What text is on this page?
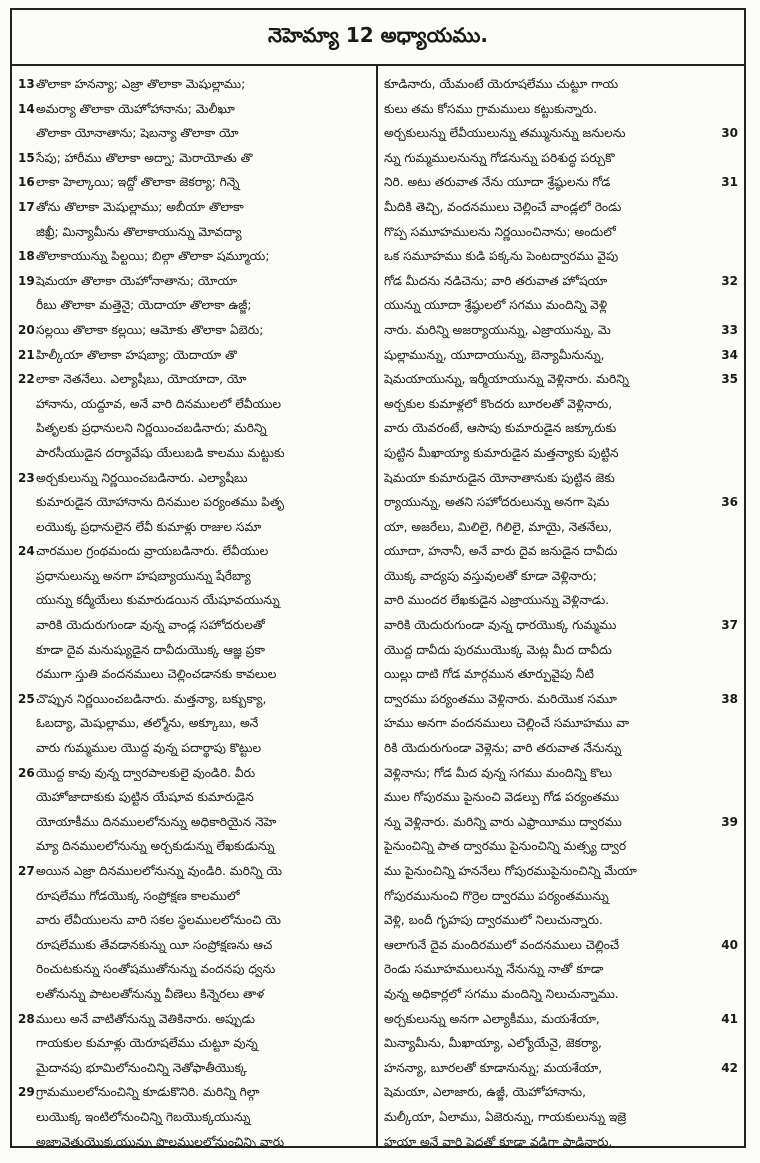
నెహెమ్యా 12 అధ్యాయము.
13 తొలాకా హనన్యా; ఎజ్రా తొలాకా మెషుల్లాము;
14 అమర్యా తొలాకా యెహోహానాను; మెలీఖూ
తొలాకా యోనాతాను; షెబన్యా తొలాకా యో
15 సేపు; హారీము తొలాకా అద్నా; మెరాయోతు తొ
16 లాకా హెల్కాయి; ఇద్దో తొలాకా జెకర్యా; గిన్నె
17 తోను తొలాకా మెషుల్లాము; అబీయా తొలాకా
జిఖ్రీ; మిన్యామీను తొలాకాయున్ను మోవద్యా
18 తొలాకాయున్ను పిల్టయి; బిల్గా తొలాకా షమ్మూయ;
19 షెమయా తొలాకా యెహోనాతాను; యోయా
రీబు తొలాకా మత్తెనై; యెదాయా తొలాకా ఉజ్జీ;
20 సల్లయి తొలాకా కల్లయి; ఆమోకు తొలాకా ఏబెరు;
21 హిల్కీయా తొలాకా హషబ్యా; యెదాయా తొ
22 లాకా నెతనేలు. ఎల్యాషీబు, యోయాదా, యో
హానాను, యద్దూవ, అనే వారి దినములలో లేవీయుల
పితృలకు ప్రధానులని నిర్ణయించబడినారు; మరిన్ని
పారసీయుడైన దర్యావేషు యేలుబడి కాలము మట్టుకు
23 అర్చకులున్ను నిర్ణయించబడినారు. ఎల్యాషీబు
కుమారుడైన యోహానాను దినముల పర్యంతము పితృ
లయొక్క ప్రధానులైన లేవీ కుమాళ్లు రాజుల సమా
24 చారముల గ్రంథమందు వ్రాయబడినారు. లేవీయుల
ప్రధానులున్ను అనగా హషబ్యాయున్ను షేరేబ్యా
యున్ను కద్మీయేలు కుమారుడయిన యేషూవయున్ను
వారికి యెదురుగుండా వున్న వాండ్ల సహోదరులతో
కూడా దైవ మనుష్యుడైన దావీదుయొక్క ఆజ్ఞ ప్రకా
రముగా స్తుతి వందనములు చెల్లించడానకు కావలుల
25 చొప్పున నిర్ణయించబడినారు. మత్తన్యా, బక్బుక్యా,
ఓబద్యా, మెషుల్లాము, తల్మోను, అక్కూబు, అనే
వారు గుమ్మముల యొద్ద వున్న పదార్థాపు కొట్టుల
26 యొద్ద కావు వున్న ద్వారపాలకులై వుండిరి. వీరు
యెహోజాదాకుకు పుట్టిన యేషూవ కుమారుడైన
యోయాకీము దినములలోనున్ను అధికారియైన నెహె
మ్యా దినములలోనున్ను అర్చకుడున్ను లేఖకుడున్ను
27 అయిన ఎజ్రా దినములలోనున్ను వుండిరి. మరిన్ని యె
రూషలేము గోడయొక్క సంప్రోక్షణ కాలములో
వారు లేవీయులను వారి సకల స్థలములలోనుంచి యె
రూషలేముకు తేవడానకున్ను యీ సంప్రోక్షణను ఆచ
రించుటకున్ను సంతోషముతోనున్ను వందనపు ధ్వను
లతోనున్ను పాటలతోనున్ను వీణెలు కిన్నెరలు తాళ
28 ములు అనే వాటితోనున్ను వెతికినారు. అప్పుడు
గాయకుల కుమాళ్లు యెరూషలేము చుట్టూ వున్న
మైదానపు భూమిలోనుంచిన్ని నెతోఫాతీయొక్క
29 గ్రామములలోనుంచిన్ని కూడుకొనిరి. మరిన్ని గిల్గా
లుయొక్క ఇంటిలోనుంచిన్ని గెబయొక్కయున్ను
అజ్మావెతుయొక్కయున్ను పొలములలోనుంచిన్ని వారు
కూడినారు, యేమంటే యెరూషలేము చుట్టూ గాయ
కులు తమ కోసము గ్రామములు కట్టుకున్నారు.
30
అర్చకులున్ను లేవీయులున్ను తమ్మునున్ను జనులను
న్ను గుమ్మములనున్ను గోడనున్ను పరిశుద్ధ పర్చుకొ
31
నిరి. అటు తరువాత నేను యూదా శ్రేష్ఠులను గోడ
మీదికి తెచ్చి, వందనములు చెల్లించే వాండ్లలో రెండు
గొప్ప సమూహములను నిర్ణయించినాను; అందులో
ఒక సమూహము కుడి పక్కను పెంటద్వారము వైపు
32
గోడ మీదను నడిచెను; వారి తరువాత హోషయా
యున్ను యూదా శ్రేష్ఠులలో సగము మందిన్ని వెళ్లి
33
నారు. మరిన్ని అజర్యాయున్ను, ఎజ్రాయున్ను, మె
34
షుల్లామున్ను, యూదాయున్ను, బెన్యామీనున్ను,
35
షెమయాయున్ను, ఇర్మీయాయున్ను వెళ్లినారు. మరిన్ని
అర్చకుల కుమాళ్లలో కొందరు బూరలతో వెళ్లినారు,
వారు యెవరంటే, ఆసాపు కుమారుడైన జక్కూరుకు
పుట్టిన మీఖాయ్యా కుమారుడైన మత్తన్యాకు పుట్టిన
షెమయా కుమారుడైన యోనాతానుకు పుట్టిన జెకు
36
ర్యాయున్ను, అతని సహోదరులున్ను అనగా షెమ
యా, అజరేలు, మిలిలై, గిలిలై, మాయై, నెతనేలు,
యూదా, హనానీ, అనే వారు దైవ జనుడైన దావీదు
యొక్క వాద్యపు వస్తువులతో కూడా వెళ్లినారు;
వారి ముందర లేఖకుడైన ఎజ్రాయున్ను వెళ్లినాడు.
37
వారికి యెదురుగుండా వున్న ధారయొక్క గుమ్మము
యొద్ద దావీదు పురముయొక్క మెట్ల మీద దావీదు
యిల్లు దాటి గోడ మార్గమున తూర్పువైపు నీటి
38
ద్వారము పర్యంతము వెళ్లినారు. మరియొక సమూ
హము అనగా వందనములు చెల్లించే సమూహము వా
రికి యెదురుగుండా వెళ్లెను; వారి తరువాత నేనున్ను
వెళ్లినాను; గోడ మీద వున్న సగము మందిన్ని కొలు
ముల గోపురము పైనుంచి వెడల్పు గోడ పర్యంతము
39
న్ను వెళ్లినారు. మరిన్ని వారు ఎఫ్రాయీము ద్వారము
పైనుంచిన్ని పాత ద్వారము పైనుంచిన్ని మత్స్య ద్వార
ము పైనుంచిన్ని హననేలు గోపురముపైనుంచిన్ని మేయా
గోపురమునుంచి గొర్రెల ద్వారము పర్యంతమున్ను
వెళ్లి, బందీ గృహపు ద్వారములో నిలుచున్నారు.
40
ఆలాగునే దైవ మందిరములో వందనములు చెల్లించే
రెండు సమూహములున్ను నేనున్ను నాతో కూడా
వున్న అధికార్లలో సగము మందిన్ని నిలుచున్నాము.
41
అర్చకులున్ను అనగా ఎల్యాకీము, మయశేయా,
మిన్యామీను, మీఖాయ్యా, ఎల్యోయేనై, జెకర్యా,
42
హనన్యా, బూరలతో కూడానున్ను; మయశేయా,
షెమయా, ఎలాజారు, ఉజ్జీ, యెహోహానాను,
మల్కీయా, ఏలాము, ఏజెరున్ను, గాయకులున్ను ఇజ్రె
హయా అనే వారి పెద్దతో కూడా వడిగా పాడినారు.
